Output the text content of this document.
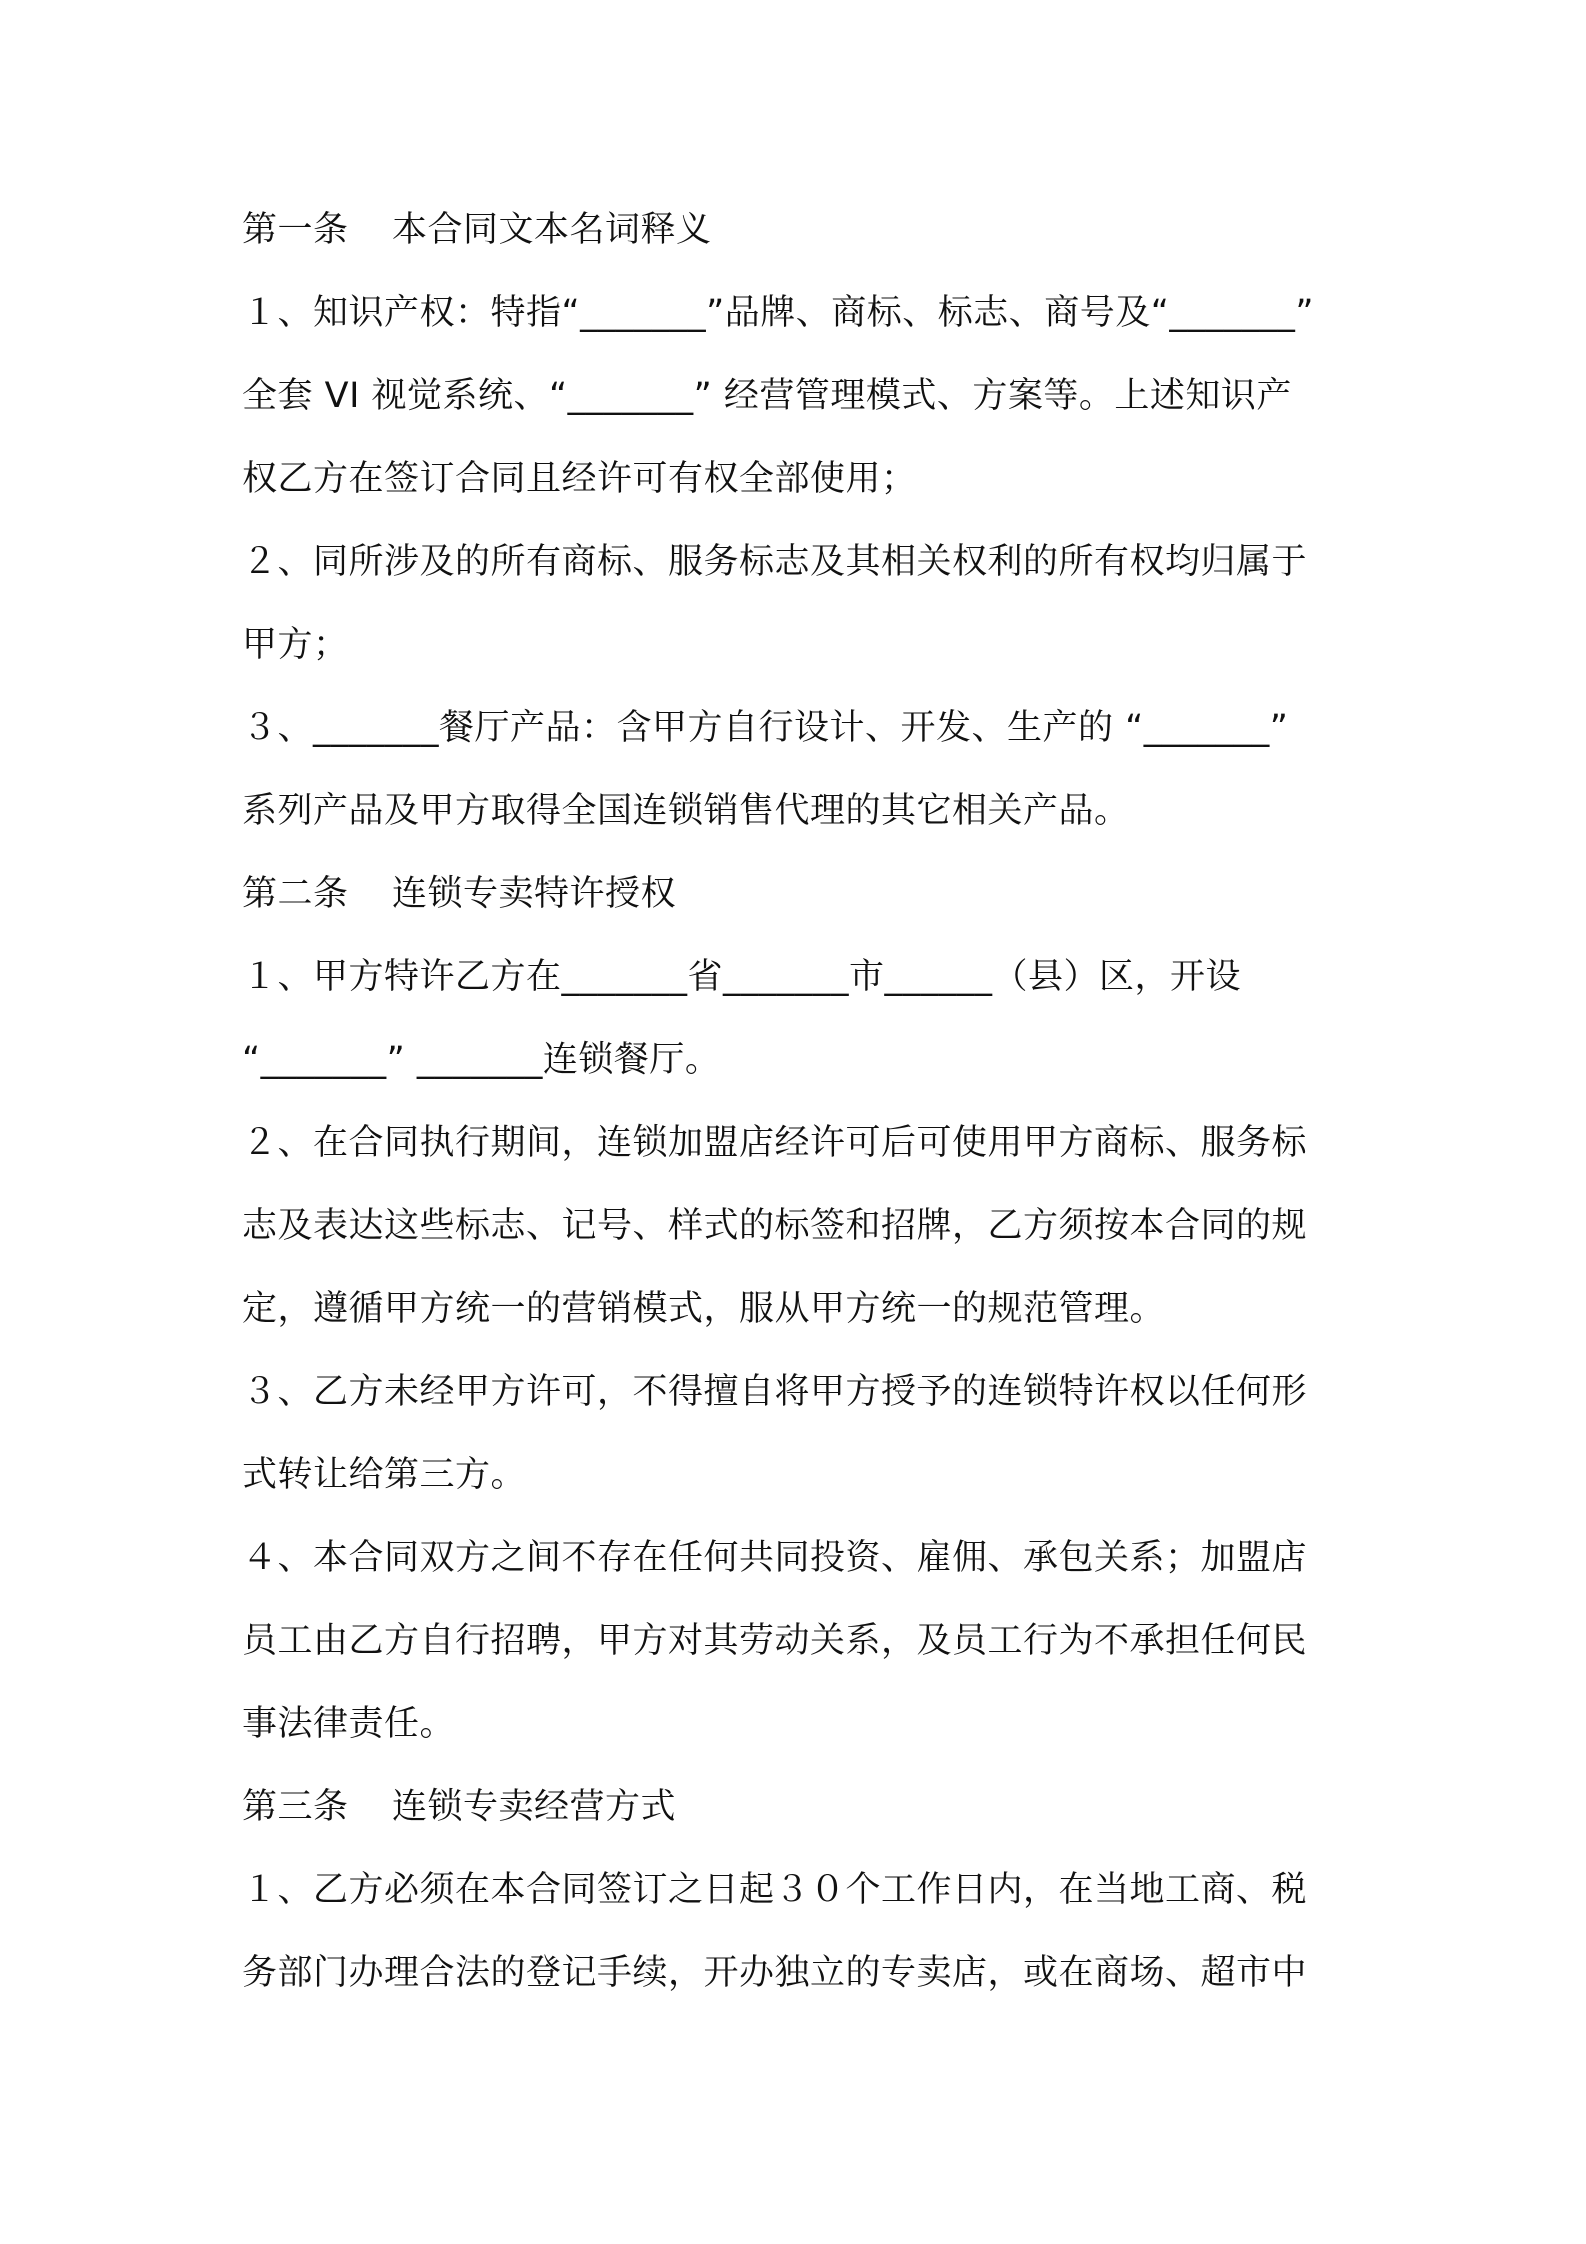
第一条 本合同文本名词释义
１、知识产权：特指“_______”品牌、商标、标志、商号及“_______”
全套 VI 视觉系统、“_______” 经营管理模式、方案等。上述知识产
权乙方在签订合同且经许可有权全部使用；
２、同所涉及的所有商标、服务标志及其相关权利的所有权均归属于
甲方；
３、_______餐厅产品：含甲方自行设计、开发、生产的 “_______”
系列产品及甲方取得全国连锁销售代理的其它相关产品。
第二条 连锁专卖特许授权
１、甲方特许乙方在_______省_______市______（县）区，开设
“_______” _______连锁餐厅。
２、在合同执行期间，连锁加盟店经许可后可使用甲方商标、服务标
志及表达这些标志、记号、样式的标签和招牌，乙方须按本合同的规
定，遵循甲方统一的营销模式，服从甲方统一的规范管理。
３、乙方未经甲方许可，不得擅自将甲方授予的连锁特许权以任何形
式转让给第三方。
４、本合同双方之间不存在任何共同投资、雇佣、承包关系；加盟店
员工由乙方自行招聘，甲方对其劳动关系，及员工行为不承担任何民
事法律责任。
第三条 连锁专卖经营方式
１、乙方必须在本合同签订之日起３０个工作日内，在当地工商、税
务部门办理合法的登记手续，开办独立的专卖店，或在商场、超市中
